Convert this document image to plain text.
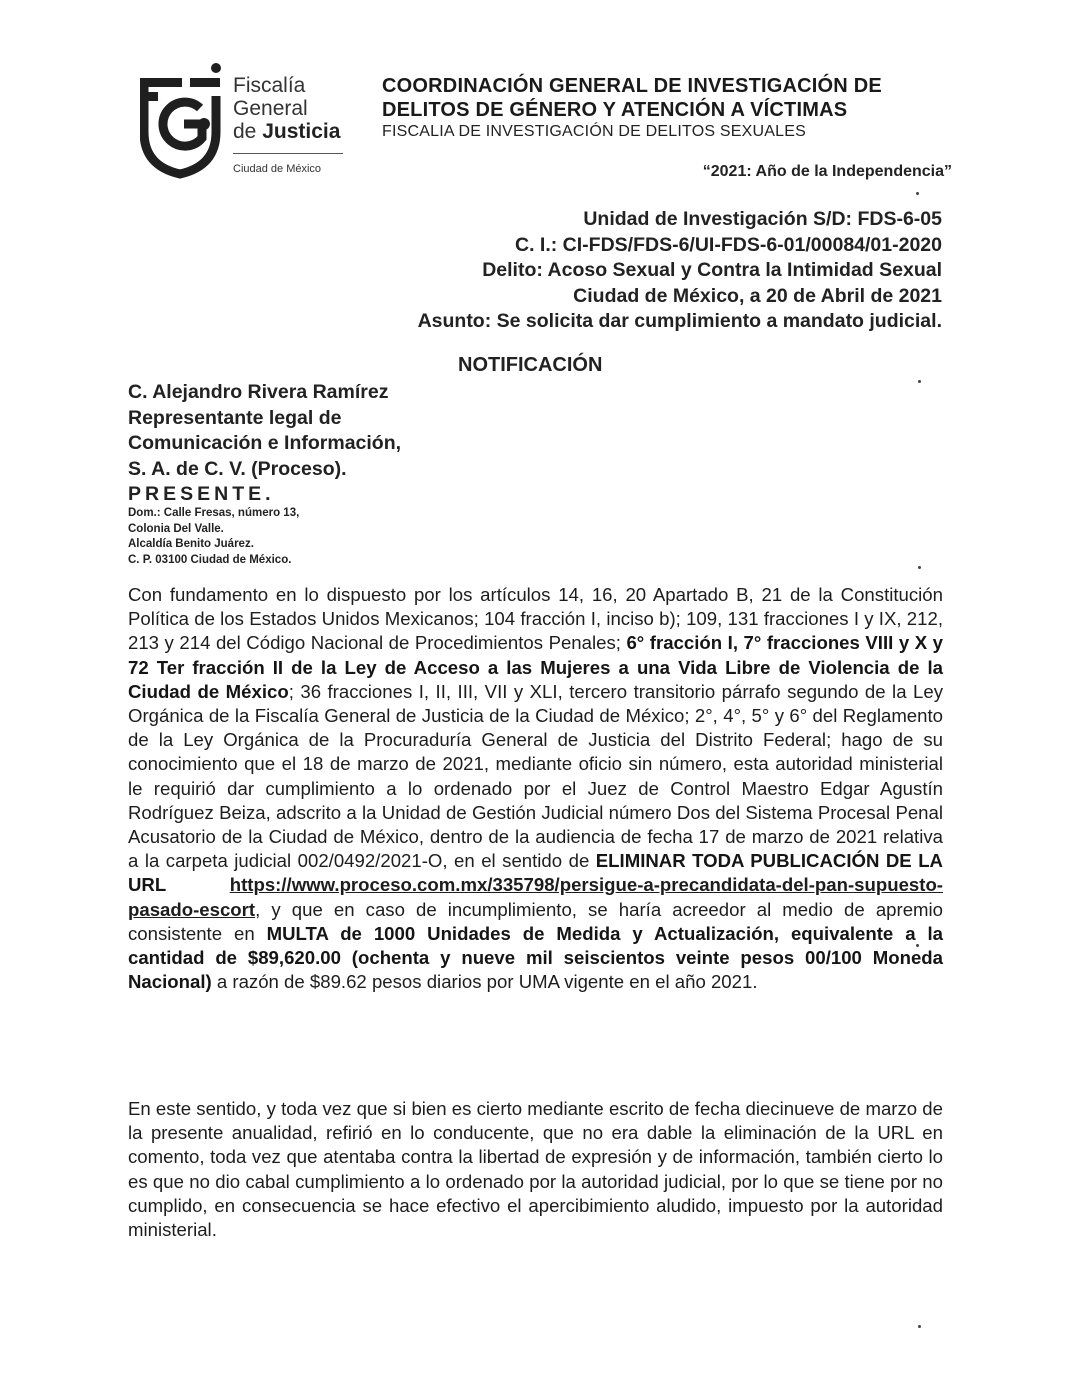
Fiscalía
General
de Justicia
Ciudad de México
COORDINACIÓN GENERAL DE INVESTIGACIÓN DE
DELITOS DE GÉNERO Y ATENCIÓN A VÍCTIMAS
FISCALIA DE INVESTIGACIÓN DE DELITOS SEXUALES
“2021: Año de la Independencia”
Unidad de Investigación S/D: FDS-6-05
C. I.: CI-FDS/FDS-6/UI-FDS-6-01/00084/01-2020
Delito: Acoso Sexual y Contra la Intimidad Sexual
Ciudad de México, a 20 de Abril de 2021
Asunto: Se solicita dar cumplimiento a mandato judicial.
NOTIFICACIÓN
C. Alejandro Rivera Ramírez
Representante legal de
Comunicación e Información,
S. A. de C. V. (Proceso).
PRESENTE.
Dom.: Calle Fresas, número 13,
Colonia Del Valle.
Alcaldía Benito Juárez.
C. P. 03100 Ciudad de México.
Con fundamento en lo dispuesto por los artículos 14, 16, 20 Apartado B, 21 de la Constitución Política de los Estados Unidos Mexicanos; 104 fracción I, inciso b); 109, 131 fracciones I y IX, 212, 213 y 214 del Código Nacional de Procedimientos Penales; 6° fracción I, 7° fracciones VIII y X y 72 Ter fracción II de la Ley de Acceso a las Mujeres a una Vida Libre de Violencia de la Ciudad de México; 36 fracciones I, II, III, VII y XLI, tercero transitorio párrafo segundo de la Ley Orgánica de la Fiscalía General de Justicia de la Ciudad de México; 2°, 4°, 5° y 6° del Reglamento de la Ley Orgánica de la Procuraduría General de Justicia del Distrito Federal; hago de su conocimiento que el 18 de marzo de 2021, mediante oficio sin número, esta autoridad ministerial le requirió dar cumplimiento a lo ordenado por el Juez de Control Maestro Edgar Agustín Rodríguez Beiza, adscrito a la Unidad de Gestión Judicial número Dos del Sistema Procesal Penal Acusatorio de la Ciudad de México, dentro de la audiencia de fecha 17 de marzo de 2021 relativa a la carpeta judicial 002/0492/2021-O, en el sentido de ELIMINAR TODA PUBLICACIÓN DE LA URL	https://www.proceso.com.mx/335798/persigue-a-precandidata-del-pan-supuesto-pasado-escort, y que en caso de incumplimiento, se haría acreedor al medio de apremio consistente en MULTA de 1000 Unidades de Medida y Actualización, equivalente a la cantidad de $89,620.00 (ochenta y nueve mil seiscientos veinte pesos 00/100 Moneda Nacional) a razón de $89.62 pesos diarios por UMA vigente en el año 2021.
En este sentido, y toda vez que si bien es cierto mediante escrito de fecha diecinueve de marzo de la presente anualidad, refirió en lo conducente, que no era dable la eliminación de la URL en comento, toda vez que atentaba contra la libertad de expresión y de información, también cierto lo es que no dio cabal cumplimiento a lo ordenado por la autoridad judicial, por lo que se tiene por no cumplido, en consecuencia se hace efectivo el apercibimiento aludido, impuesto por la autoridad ministerial.
